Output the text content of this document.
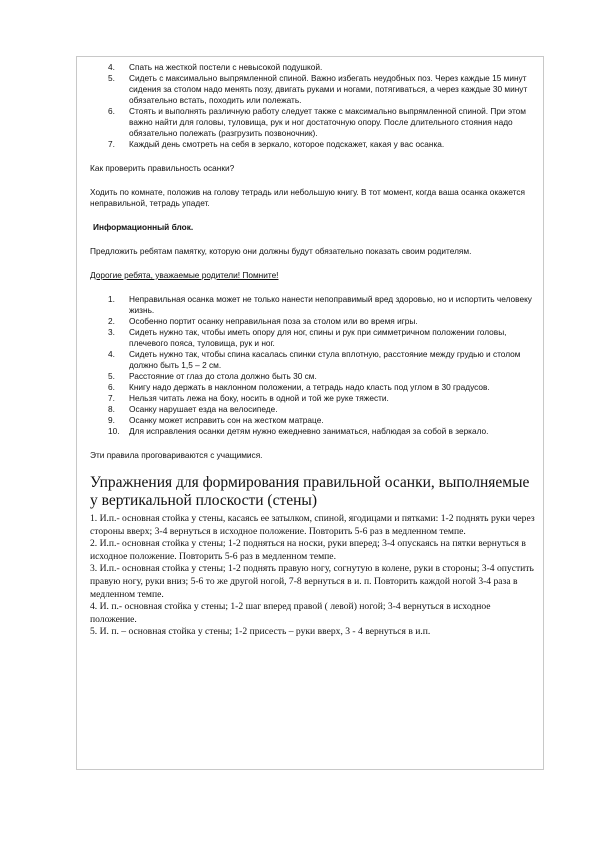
4. Спать на жесткой постели с невысокой подушкой.
5. Сидеть с максимально выпрямленной спиной. Важно избегать неудобных поз. Через каждые 15 минут сидения за столом надо менять позу, двигать руками и ногами, потягиваться, а через каждые 30 минут обязательно встать, походить или полежать.
6. Стоять и выполнять различную работу следует также с максимально выпрямленной спиной. При этом важно найти для головы, туловища, рук и ног достаточную опору. После длительного стояния надо обязательно полежать (разгрузить позвоночник).
7. Каждый день смотреть на себя в зеркало, которое подскажет, какая у вас осанка.

Как проверить правильность осанки?

Ходить по комнате, положив на голову тетрадь или небольшую книгу. В тот момент, когда ваша осанка окажется неправильной, тетрадь упадет.

Информационный блок.

Предложить ребятам памятку, которую они должны будут обязательно показать своим родителям.

Дорогие ребята, уважаемые родители! Помните!

1. Неправильная осанка может не только нанести непоправимый вред здоровью, но и испортить человеку жизнь.
2. Особенно портит осанку неправильная поза за столом или во время игры.
3. Сидеть нужно так, чтобы иметь опору для ног, спины и рук при симметричном положении головы, плечевого пояса, туловища, рук и ног.
4. Сидеть нужно так, чтобы спина касалась спинки стула вплотную, расстояние между грудью и столом должно быть 1,5 – 2 см.
5. Расстояние от глаз до стола должно быть 30 см.
6. Книгу надо держать в наклонном положении, а тетрадь надо класть под углом в 30 градусов.
7. Нельзя читать лежа на боку, носить в одной и той же руке тяжести.
8. Осанку нарушает езда на велосипеде.
9. Осанку может исправить сон на жестком матраце.
10. Для исправления осанки детям нужно ежедневно заниматься, наблюдая за собой в зеркало.

Эти правила проговариваются с учащимися.

Упражнения для формирования правильной осанки, выполняемые у вертикальной плоскости (стены)

1. И.п.- основная стойка у стены, касаясь ее затылком, спиной, ягодицами и пятками: 1-2 поднять руки через стороны вверх; 3-4 вернуться в исходное положение. Повторить 5-6 раз в медленном темпе.

2. И.п.- основная стойка у стены; 1-2 подняться на носки, руки вперед; 3-4 опускаясь на пятки вернуться в исходное положение. Повторить 5-6 раз в медленном темпе.

3. И.п.- основная стойка у стены; 1-2 поднять правую ногу, согнутую в колене, руки в стороны; 3-4 опустить правую ногу, руки вниз; 5-6 то же другой ногой, 7-8 вернуться в и. п. Повторить каждой ногой 3-4 раза в медленном темпе.

4. И. п.- основная стойка у стены; 1-2 шаг вперед правой ( левой) ногой; 3-4 вернуться в исходное положение.

5. И. п. – основная стойка у стены; 1-2 присесть – руки вверх, 3 - 4 вернуться в и.п.
